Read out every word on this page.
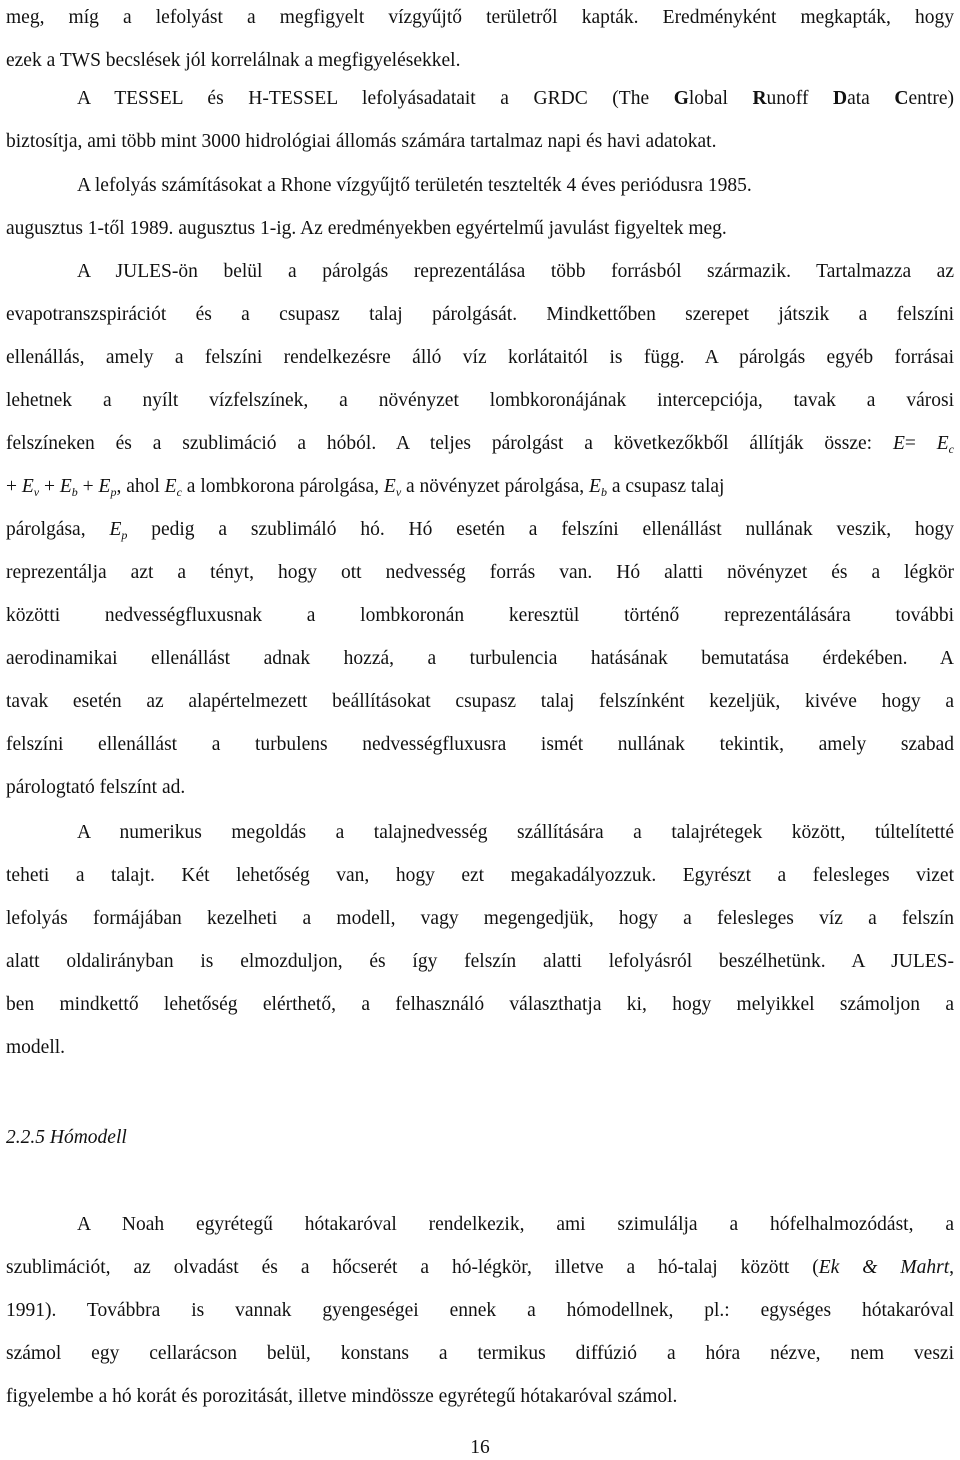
meg, míg a lefolyást a megfigyelt vízgyűjtő területről kapták. Eredményként megkapták, hogy
ezek a TWS becslések jól korrelálnak a megfigyelésekkel.
A TESSEL és H-TESSEL lefolyásadatait a GRDC (The Global Runoff Data Centre)
biztosítja, ami több mint 3000 hidrológiai állomás számára tartalmaz napi és havi adatokat.
A lefolyás számításokat a Rhone vízgyűjtő területén tesztelték 4 éves periódusra 1985.
augusztus 1-től 1989. augusztus 1-ig. Az eredményekben egyértelmű javulást figyeltek meg.
A JULES-ön belül a párolgás reprezentálása több forrásból származik. Tartalmazza az
evapotranszspirációt és a csupasz talaj párolgását. Mindkettőben szerepet játszik a felszíni
ellenállás, amely a felszíni rendelkezésre álló víz korlátaitól is függ. A párolgás egyéb forrásai
lehetnek a nyílt vízfelszínek, a növényzet lombkoronájának intercepciója, tavak a városi
felszíneken és a szublimáció a hóból. A teljes párolgást a következőkből állítják össze: $E= E_c$
+ $E_v + E_b + E_p$, ahol $E_c$ a lombkorona párolgása, $E_v$ a növényzet párolgása, $E_b$ a csupasz talaj
párolgása, $E_p$ pedig a szublimáló hó. Hó esetén a felszíni ellenállást nullának veszik, hogy
reprezentálja azt a tényt, hogy ott nedvesség forrás van. Hó alatti növényzet és a légkör
közötti nedvességfluxusnak a lombkoronán keresztül történő reprezentálására további
aerodinamikai ellenállást adnak hozzá, a turbulencia hatásának bemutatása érdekében. A
tavak esetén az alapértelmezett beállításokat csupasz talaj felszínként kezeljük, kivéve hogy a
felszíni ellenállást a turbulens nedvességfluxusra ismét nullának tekintik, amely szabad
párologtató felszínt ad.
A numerikus megoldás a talajnedvesség szállítására a talajrétegek között, túltelítetté
teheti a talajt. Két lehetőség van, hogy ezt megakadályozzuk. Egyrészt a felesleges vizet
lefolyás formájában kezelheti a modell, vagy megengedjük, hogy a felesleges víz a felszín
alatt oldalirányban is elmozduljon, és így felszín alatti lefolyásról beszélhetünk. A JULES-
ben mindkettő lehetőség elérthető, a felhasználó választhatja ki, hogy melyikkel számoljon a
modell.
2.2.5 Hómodell
A Noah egyrétegű hótakaróval rendelkezik, ami szimulálja a hófelhalmozódást, a
szublimációt, az olvadást és a hőcserét a hó-légkör, illetve a hó-talaj között (Ek & Mahrt,
1991). Továbbra is vannak gyengeségei ennek a hómodellnek, pl.: egységes hótakaróval
számol egy cellarácson belül, konstans a termikus diffúzió a hóra nézve, nem veszi
figyelembe a hó korát és porozitását, illetve mindössze egyrétegű hótakaróval számol.
16
